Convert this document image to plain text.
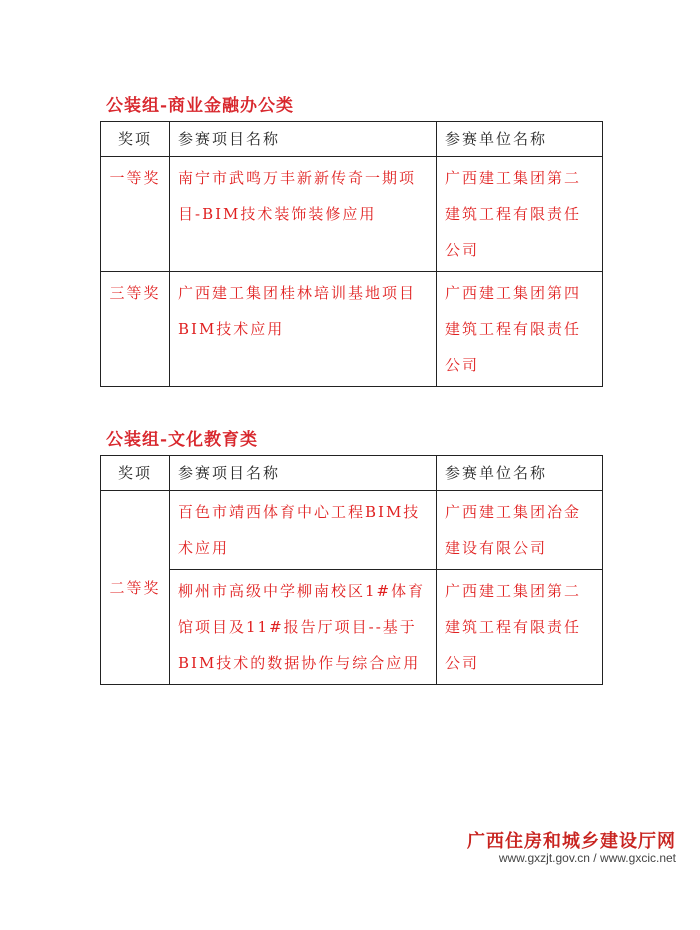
公装组-商业金融办公类
奖项	参赛项目名称	参赛单位名称
一等奖	南宁市武鸣万丰新新传奇一期项目-BIM技术装饰装修应用	广西建工集团第二建筑工程有限责任公司
三等奖	广西建工集团桂林培训基地项目BIM技术应用	广西建工集团第四建筑工程有限责任公司
公装组-文化教育类
奖项	参赛项目名称	参赛单位名称
二等奖	百色市靖西体育中心工程BIM技术应用	广西建工集团冶金建设有限公司
	柳州市高级中学柳南校区1#体育馆项目及11#报告厅项目--基于BIM技术的数据协作与综合应用	广西建工集团第二建筑工程有限责任公司
广西住房和城乡建设厅网
www.gxzjt.gov.cn / www.gxcic.net
